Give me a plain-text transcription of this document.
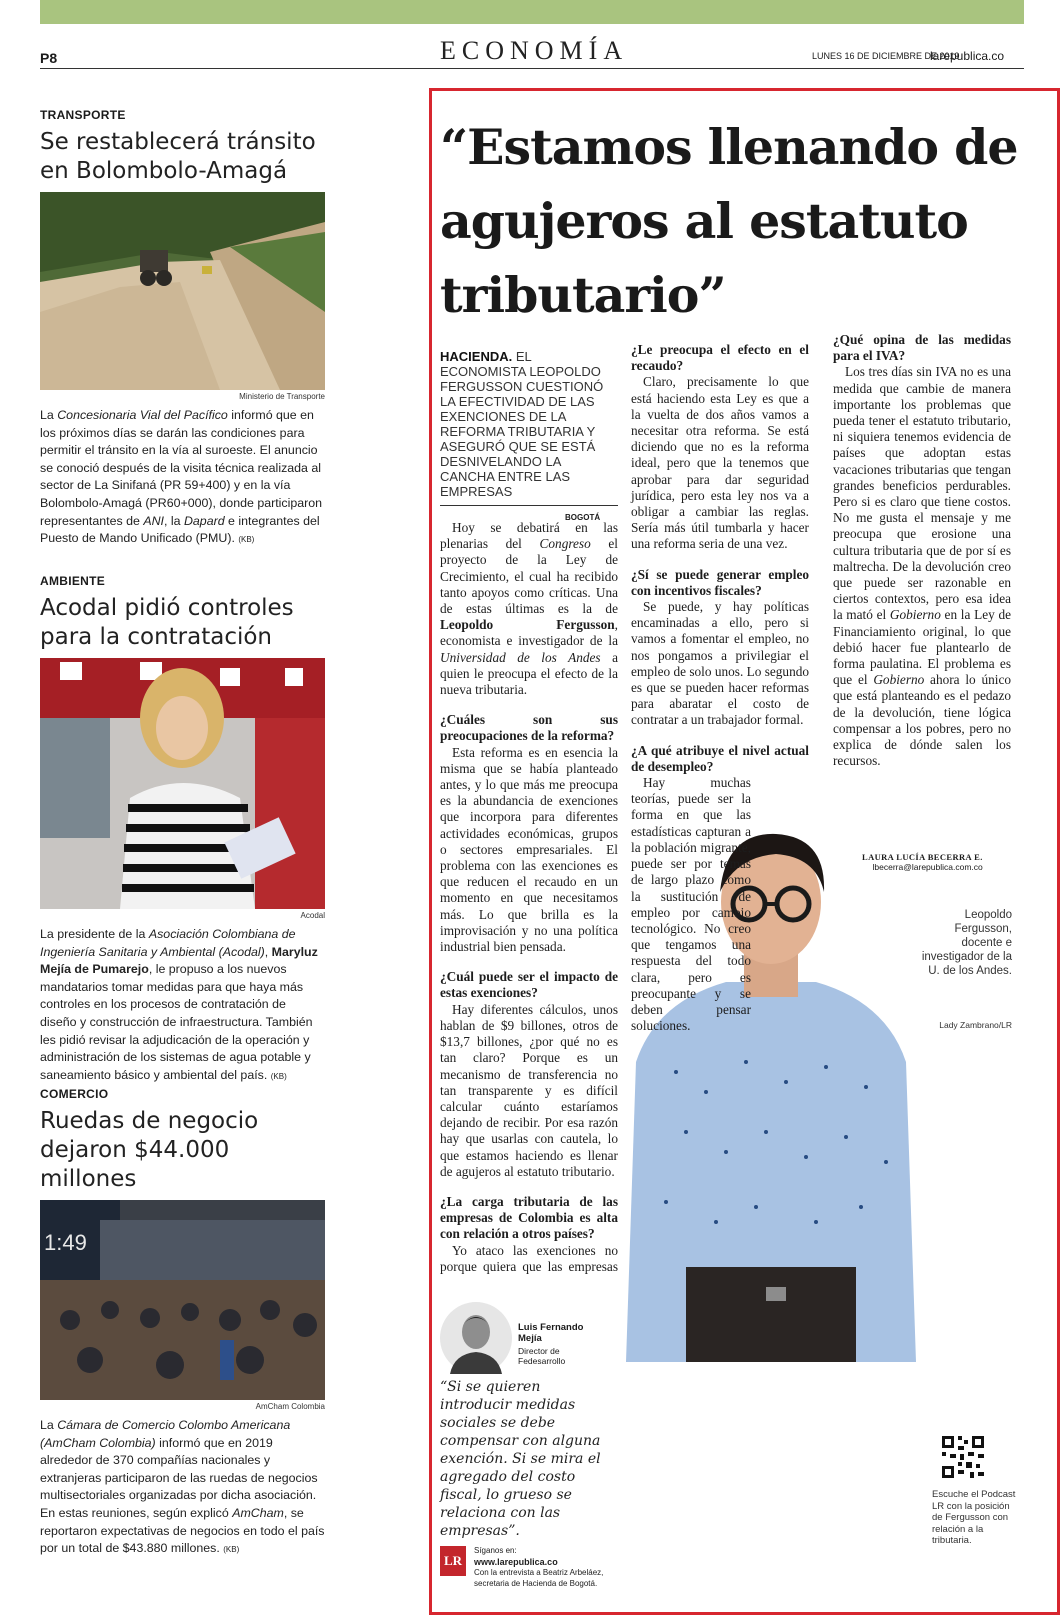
P8	ECONOMÍA	LUNES 16 DE DICIEMBRE DE 2019
larepublica.co
TRANSPORTE
Se restablecerá tránsito en Bolombolo-Amagá
Ministerio de Transporte
La Concesionaria Vial del Pacífico informó que en los próximos días se darán las condiciones para permitir el tránsito en la vía al suroeste. El anuncio se conoció después de la visita técnica realizada al sector de La Sinifaná (PR 59+400) y en la vía Bolombolo-Amagá (PR60+000), donde participaron representantes de ANI, la Dapard e integrantes del Puesto de Mando Unificado (PMU). (KB)
AMBIENTE
Acodal pidió controles para la contratación
Acodal
La presidente de la Asociación Colombiana de Ingeniería Sanitaria y Ambiental (Acodal), Maryluz Mejía de Pumarejo, le propuso a los nuevos mandatarios tomar medidas para que haya más controles en los procesos de contratación de diseño y construcción de infraestructura. También les pidió revisar la adjudicación de la operación y administración de los sistemas de agua potable y saneamiento básico y ambiental del país. (KB)
COMERCIO
Ruedas de negocio dejaron $44.000 millones
1:49
AmCham Colombia
La Cámara de Comercio Colombo Americana (AmCham Colombia) informó que en 2019 alrededor de 370 compañías nacionales y extranjeras participaron de las ruedas de negocios multisectoriales organizadas por dicha asociación. En estas reuniones, según explicó AmCham, se reportaron expectativas de negocios en todo el país por un total de $43.880 millones. (KB)
“Estamos llenando de agujeros al estatuto tributario”
HACIENDA. EL ECONOMISTA LEOPOLDO FERGUSSON CUESTIONÓ LA EFECTIVIDAD DE LAS EXENCIONES DE LA REFORMA TRIBUTARIA Y ASEGURÓ QUE SE ESTÁ DESNIVELANDO LA CANCHA ENTRE LAS EMPRESAS
BOGOTÁ

Hoy se debatirá en las plenarias del Congreso el proyecto de la Ley de Crecimiento, el cual ha recibido tanto apoyos como críticas. Una de estas últimas es la de Leopoldo Fergusson, economista e investigador de la Universidad de los Andes a quien le preocupa el efecto de la nueva tributaria.

¿Cuáles son sus preocupaciones de la reforma?

Esta reforma es en esencia la misma que se había planteado antes, y lo que más me preocupa es la abundancia de exenciones que incorpora para diferentes actividades económicas, grupos o sectores empresariales. El problema con las exenciones es que reducen el recaudo en un momento en que necesitamos más. Lo que brilla es la improvisación y no una política industrial bien pensada.

¿Cuál puede ser el impacto de estas exenciones?

Hay diferentes cálculos, unos hablan de $9 billones, otros de $13,7 billones, ¿por qué no es tan claro? Porque es un mecanismo de transferencia no tan transparente y es difícil calcular cuánto estaríamos dejando de recibir. Por esa razón hay que usarlas con cautela, lo que estamos haciendo es llenar de agujeros al estatuto tributario.

¿La carga tributaria de las empresas de Colombia es alta con relación a otros países?

Yo ataco las exenciones no porque quiera que las empresas

¿Le preocupa el efecto en el recaudo?

Claro, precisamente lo que está haciendo esta Ley es que a la vuelta de dos años vamos a necesitar otra reforma. Se está diciendo que no es la reforma ideal, pero que la tenemos que aprobar para dar seguridad jurídica, pero esta ley nos va a obligar a cambiar las reglas. Sería más útil tumbarla y hacer una reforma seria de una vez.

¿Sí se puede generar empleo con incentivos fiscales?

Se puede, y hay políticas encaminadas a ello, pero si vamos a fomentar el empleo, no nos pongamos a privilegiar el empleo de solo unos. Lo segundo es que se pueden hacer reformas para abaratar el costo de contratar a un trabajador formal.

¿A qué atribuye el nivel actual de desempleo?

Hay muchas teorías, puede ser la forma en que las estadísticas capturan a la población migrante, puede ser por temas de largo plazo como la sustitución de empleo por cambio tecnológico. No creo que tengamos una respuesta del todo clara, pero es preocupante y se deben pensar soluciones.

¿Qué opina de las medidas para el IVA?

Los tres días sin IVA no es una medida que cambie de manera importante los problemas que pueda tener el estatuto tributario, ni siquiera tenemos evidencia de países que adoptan estas vacaciones tributarias que tengan grandes beneficios perdurables. Pero si es claro que tiene costos. No me gusta el mensaje y me preocupa que erosione una cultura tributaria que de por sí es maltrecha. De la devolución creo que puede ser razonable en ciertos contextos, pero esa idea la mató el Gobierno en la Ley de Financiamiento original, lo que debió hacer fue plantearlo de forma paulatina. El problema es que el Gobierno ahora lo único que está planteando es el pedazo de la devolución, tiene lógica compensar a los pobres, pero no explica de dónde salen los recursos.

LAURA LUCÍA BECERRA E.
lbecerra@larepublica.com.co
Leopoldo Fergusson, docente e investigador de la U. de los Andes.
Lady Zambrano/LR
Luis Fernando Mejía
Director de Fedesarrollo
“Si se quieren introducir medidas sociales se debe compensar con alguna exención. Si se mira el agregado del costo fiscal, lo grueso se relaciona con las empresas”.
LR
Síganos en:
www.larepublica.co
Con la entrevista a Beatriz Arbeláez, secretaria de Hacienda de Bogotá.
Escuche el Podcast LR con la posición de Fergusson con relación a la tributaria.
